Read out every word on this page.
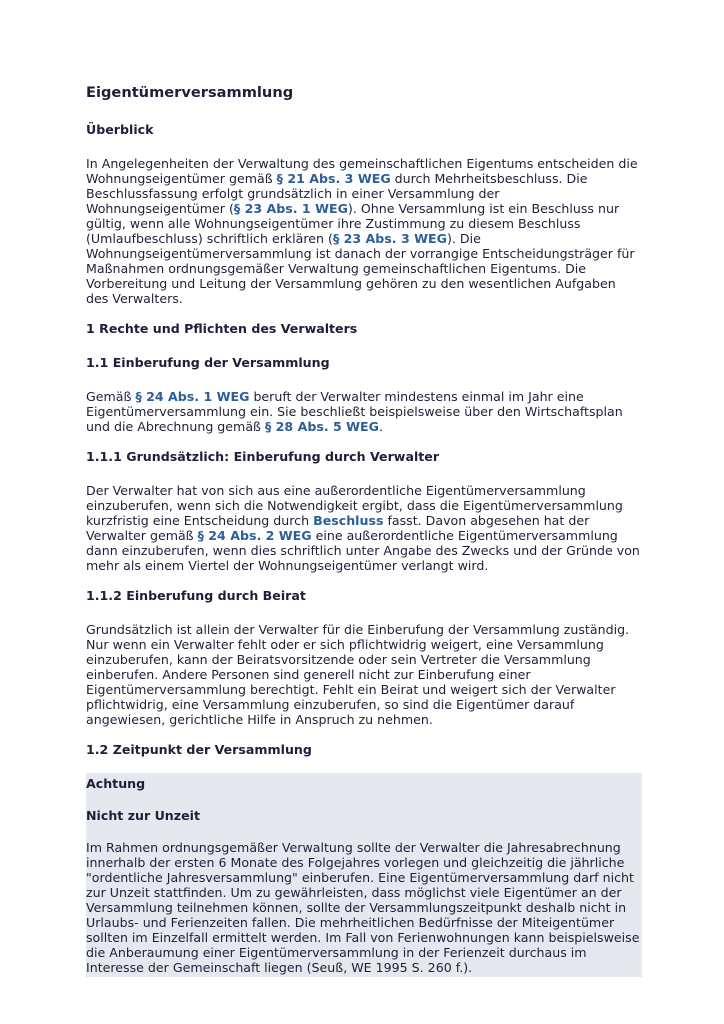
Eigentümerversammlung
Überblick

In Angelegenheiten der Verwaltung des gemeinschaftlichen Eigentums entscheiden die Wohnungseigentümer gemäß § 21 Abs. 3 WEG durch Mehrheitsbeschluss. Die Beschlussfassung erfolgt grundsätzlich in einer Versammlung der Wohnungseigentümer (§ 23 Abs. 1 WEG). Ohne Versammlung ist ein Beschluss nur gültig, wenn alle Wohnungseigentümer ihre Zustimmung zu diesem Beschluss (Umlaufbeschluss) schriftlich erklären (§ 23 Abs. 3 WEG). Die Wohnungseigentümerversammlung ist danach der vorrangige Entscheidungsträger für Maßnahmen ordnungsgemäßer Verwaltung gemeinschaftlichen Eigentums. Die Vorbereitung und Leitung der Versammlung gehören zu den wesentlichen Aufgaben des Verwalters.

1 Rechte und Pflichten des Verwalters
1.1 Einberufung der Versammlung

Gemäß § 24 Abs. 1 WEG beruft der Verwalter mindestens einmal im Jahr eine Eigentümerversammlung ein. Sie beschließt beispielsweise über den Wirtschaftsplan und die Abrechnung gemäß § 28 Abs. 5 WEG.

1.1.1 Grundsätzlich: Einberufung durch Verwalter

Der Verwalter hat von sich aus eine außerordentliche Eigentümerversammlung einzuberufen, wenn sich die Notwendigkeit ergibt, dass die Eigentümerversammlung kurzfristig eine Entscheidung durch Beschluss fasst. Davon abgesehen hat der Verwalter gemäß § 24 Abs. 2 WEG eine außerordentliche Eigentümerversammlung dann einzuberufen, wenn dies schriftlich unter Angabe des Zwecks und der Gründe von mehr als einem Viertel der Wohnungseigentümer verlangt wird.

1.1.2 Einberufung durch Beirat

Grundsätzlich ist allein der Verwalter für die Einberufung der Versammlung zuständig. Nur wenn ein Verwalter fehlt oder er sich pflichtwidrig weigert, eine Versammlung einzuberufen, kann der Beiratsvorsitzende oder sein Vertreter die Versammlung einberufen. Andere Personen sind generell nicht zur Einberufung einer Eigentümerversammlung berechtigt. Fehlt ein Beirat und weigert sich der Verwalter pflichtwidrig, eine Versammlung einzuberufen, so sind die Eigentümer darauf angewiesen, gerichtliche Hilfe in Anspruch zu nehmen.

1.2 Zeitpunkt der Versammlung
Achtung
Nicht zur Unzeit

Im Rahmen ordnungsgemäßer Verwaltung sollte der Verwalter die Jahresabrechnung innerhalb der ersten 6 Monate des Folgejahres vorlegen und gleichzeitig die jährliche "ordentliche Jahresversammlung" einberufen. Eine Eigentümerversammlung darf nicht zur Unzeit stattfinden. Um zu gewährleisten, dass möglichst viele Eigentümer an der Versammlung teilnehmen können, sollte der Versammlungszeitpunkt deshalb nicht in Urlaubs- und Ferienzeiten fallen. Die mehrheitlichen Bedürfnisse der Miteigentümer sollten im Einzelfall ermittelt werden. Im Fall von Ferienwohnungen kann beispielsweise die Anberaumung einer Eigentümerversammlung in der Ferienzeit durchaus im Interesse der Gemeinschaft liegen (Seuß, WE 1995 S. 260 f.).
